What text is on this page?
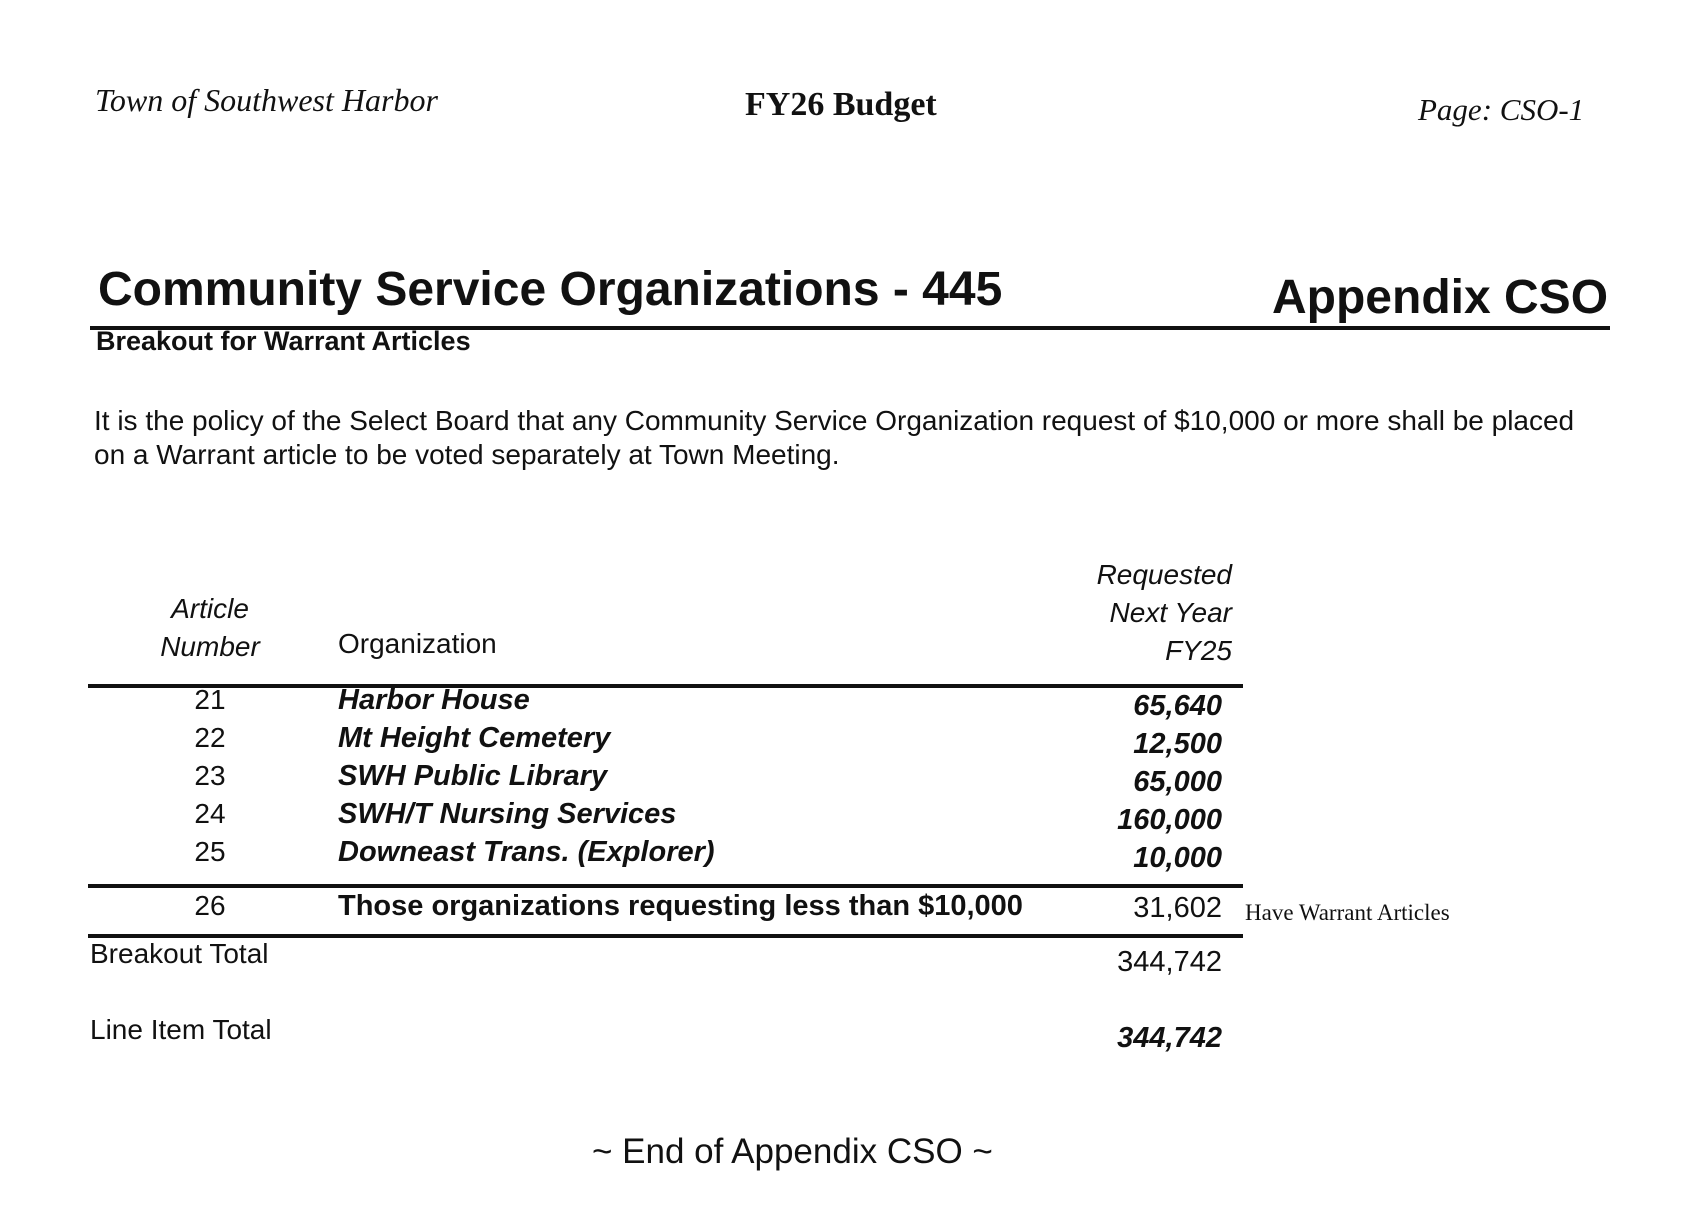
Town of Southwest Harbor	FY26 Budget	Page: CSO-1
Community Service Organizations - 445	Appendix CSO
Breakout for Warrant Articles
It is the policy of the Select Board that any Community Service Organization request of $10,000 or more shall be placed on a Warrant article to be voted separately at Town Meeting.
Article
Number	Organization
Requested
Next Year
FY25
21	Harbor House	65,640
22	Mt Height Cemetery	12,500
23	SWH Public Library	65,000
24	SWH/T Nursing Services	160,000
25	Downeast Trans. (Explorer)	10,000
26	Those organizations requesting less than $10,000	31,602 Have Warrant Articles
Breakout Total	344,742
Line Item Total	344,742
~ End of Appendix CSO ~
